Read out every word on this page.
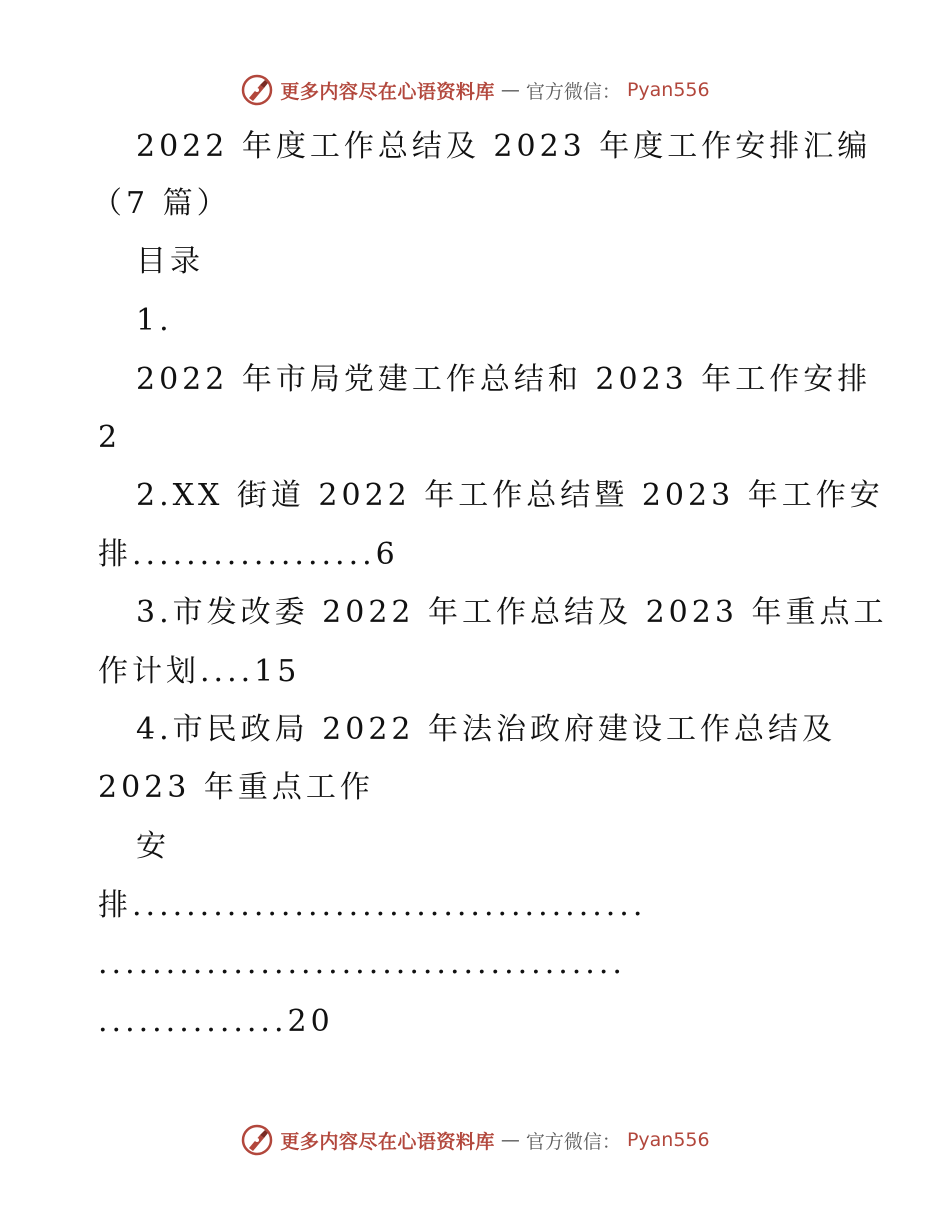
更多内容尽在心语资料库 — 官方微信： Pyan556
2022 年度工作总结及 2023 年度工作安排汇编
（7 篇）
目录
1.
2022 年市局党建工作总结和 2023 年工作安排
2
2.XX 街道 2022 年工作总结暨 2023 年工作安
排..................6
3.市发改委 2022 年工作总结及 2023 年重点工
作计划....15
4.市民政局 2022 年法治政府建设工作总结及
2023 年重点工作
安
排......................................
.......................................
..............20
更多内容尽在心语资料库 — 官方微信： Pyan556
